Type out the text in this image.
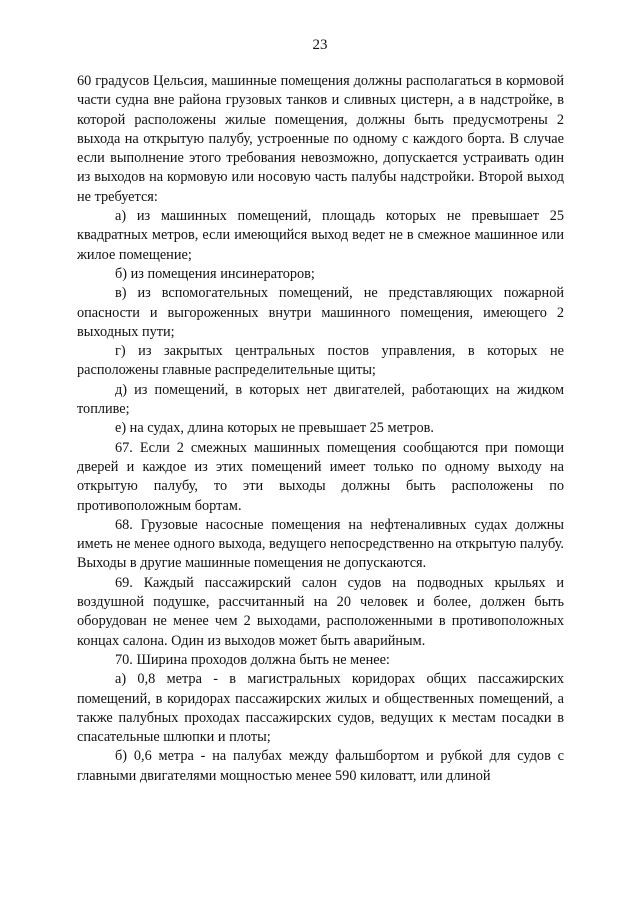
23

60 градусов Цельсия, машинные помещения должны располагаться в кормовой части судна вне района грузовых танков и сливных цистерн, а в надстройке, в которой расположены жилые помещения, должны быть предусмотрены 2 выхода на открытую палубу, устроенные по одному с каждого борта. В случае если выполнение этого требования невозможно, допускается устраивать один из выходов на кормовую или носовую часть палубы надстройки. Второй выход не требуется:

а) из машинных помещений, площадь которых не превышает 25 квадратных метров, если имеющийся выход ведет не в смежное машинное или жилое помещение;

б) из помещения инсинераторов;

в) из вспомогательных помещений, не представляющих пожарной опасности и выгороженных внутри машинного помещения, имеющего 2 выходных пути;

г) из закрытых центральных постов управления, в которых не расположены главные распределительные щиты;

д) из помещений, в которых нет двигателей, работающих на жидком топливе;

е) на судах, длина которых не превышает 25 метров.

67. Если 2 смежных машинных помещения сообщаются при помощи дверей и каждое из этих помещений имеет только по одному выходу на открытую палубу, то эти выходы должны быть расположены по противоположным бортам.

68. Грузовые насосные помещения на нефтеналивных судах должны иметь не менее одного выхода, ведущего непосредственно на открытую палубу. Выходы в другие машинные помещения не допускаются.

69. Каждый пассажирский салон судов на подводных крыльях и воздушной подушке, рассчитанный на 20 человек и более, должен быть оборудован не менее чем 2 выходами, расположенными в противоположных концах салона. Один из выходов может быть аварийным.

70. Ширина проходов должна быть не менее:

а) 0,8 метра - в магистральных коридорах общих пассажирских помещений, в коридорах пассажирских жилых и общественных помещений, а также палубных проходах пассажирских судов, ведущих к местам посадки в спасательные шлюпки и плоты;

б) 0,6 метра - на палубах между фальшбортом и рубкой для судов с главными двигателями мощностью менее 590 киловатт, или длиной
